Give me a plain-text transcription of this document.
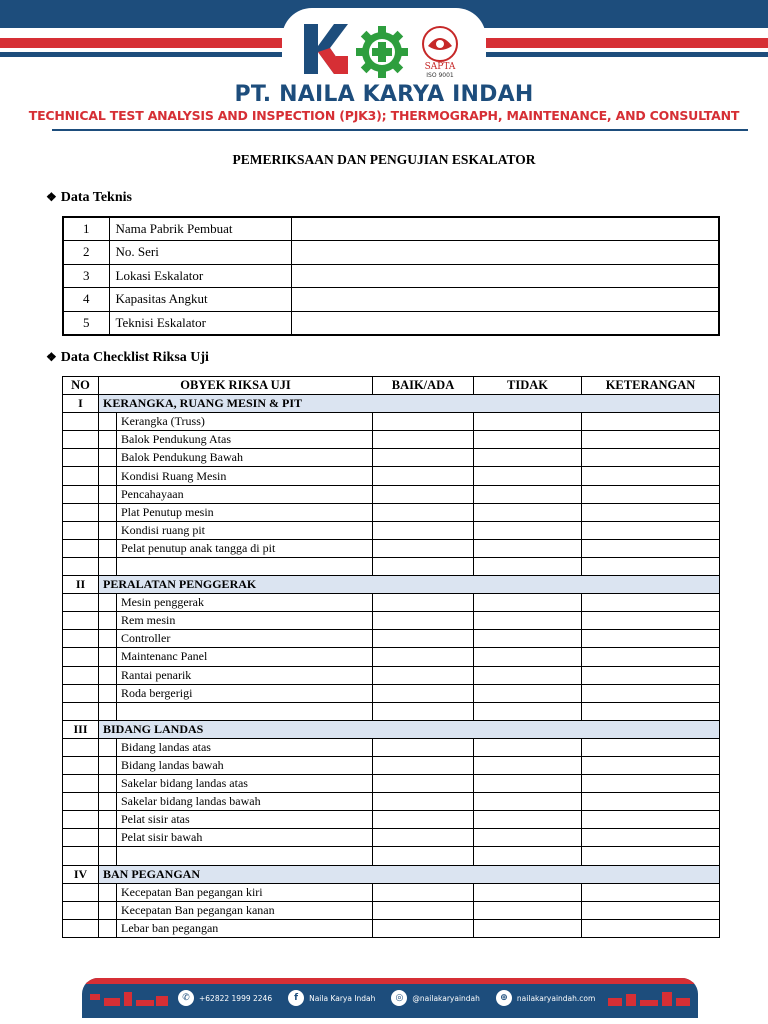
SAPTA
ISO 9001
PT. NAILA KARYA INDAH
TECHNICAL TEST ANALYSIS AND INSPECTION (PJK3); THERMOGRAPH, MAINTENANCE, AND CONSULTANT
PEMERIKSAAN DAN PENGUJIAN ESKALATOR
❖ Data Teknis
1	Nama Pabrik Pembuat	
2	No. Seri	
3	Lokasi Eskalator	
4	Kapasitas Angkut	
5	Teknisi Eskalator	
❖ Data Checklist Riksa Uji
NO	OBYEK RIKSA UJI		BAIK/ADA	TIDAK	KETERANGAN
I	KERANGKA, RUANG MESIN & PIT				
		Kerangka (Truss)			
		Balok Pendukung Atas			
		Balok Pendukung Bawah			
		Kondisi Ruang Mesin			
		Pencahayaan			
		Plat Penutup mesin			
		Kondisi ruang pit			
		Pelat penutup anak tangga di pit			

II	PERALATAN PENGGERAK				
		Mesin penggerak			
		Rem mesin			
		Controller			
		Maintenanc Panel			
		Rantai penarik			
		Roda bergerigi			

III	BIDANG LANDAS				
		Bidang landas atas			
		Bidang landas bawah			
		Sakelar bidang landas atas			
		Sakelar bidang landas bawah			
		Pelat sisir atas			
		Pelat sisir bawah			

IV	BAN PEGANGAN				
		Kecepatan Ban pegangan kiri			
		Kecepatan Ban pegangan kanan			
		Lebar ban pegangan			
✆	+62822 1999 2246	f	Naila Karya Indah	◎	@nailakaryaindah	⊕	nailakaryaindah.com
